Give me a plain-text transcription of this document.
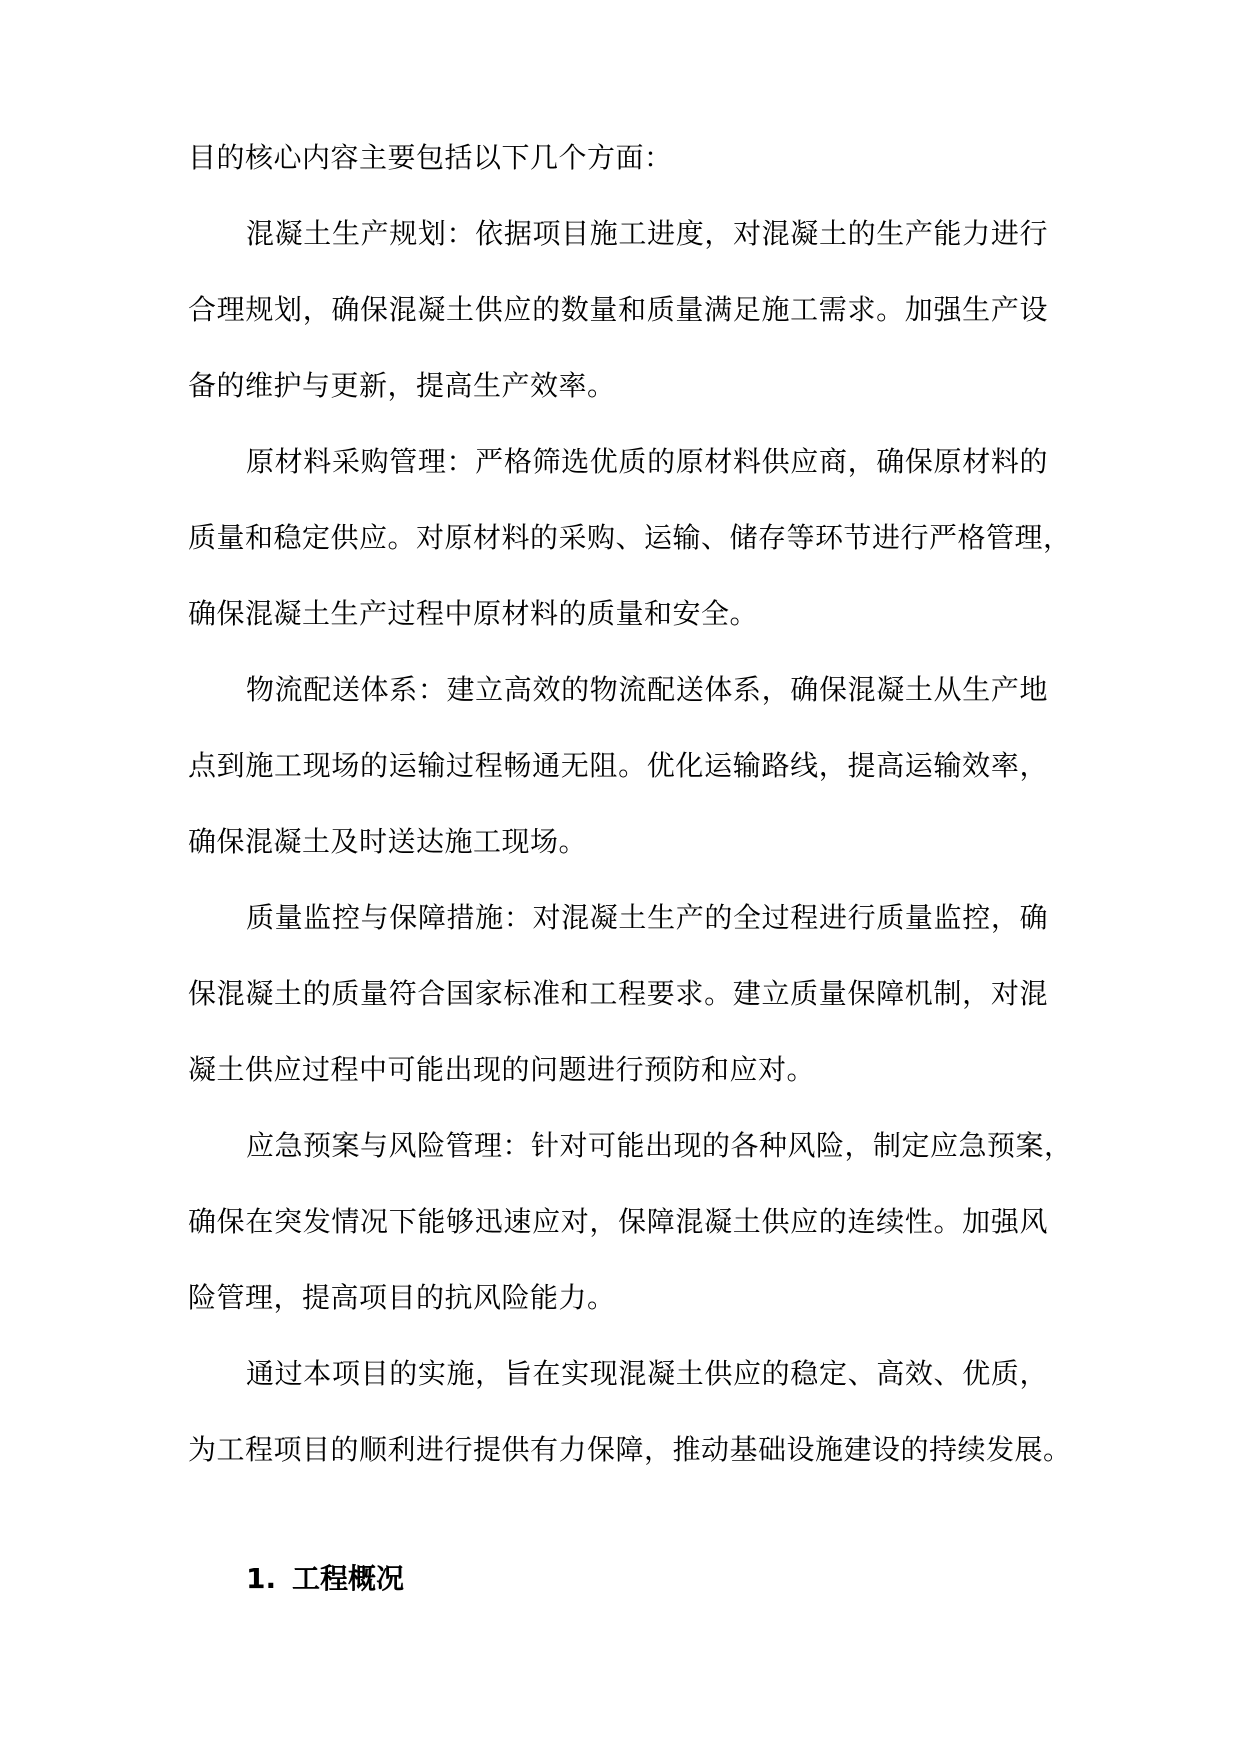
目的核心内容主要包括以下几个方面：
混凝土生产规划：依据项目施工进度，对混凝土的生产能力进行
合理规划，确保混凝土供应的数量和质量满足施工需求。加强生产设
备的维护与更新，提高生产效率。
原材料采购管理：严格筛选优质的原材料供应商，确保原材料的
质量和稳定供应。对原材料的采购、运输、储存等环节进行严格管理，
确保混凝土生产过程中原材料的质量和安全。
物流配送体系：建立高效的物流配送体系，确保混凝土从生产地
点到施工现场的运输过程畅通无阻。优化运输路线，提高运输效率，
确保混凝土及时送达施工现场。
质量监控与保障措施：对混凝土生产的全过程进行质量监控，确
保混凝土的质量符合国家标准和工程要求。建立质量保障机制，对混
凝土供应过程中可能出现的问题进行预防和应对。
应急预案与风险管理：针对可能出现的各种风险，制定应急预案，
确保在突发情况下能够迅速应对，保障混凝土供应的连续性。加强风
险管理，提高项目的抗风险能力。
通过本项目的实施，旨在实现混凝土供应的稳定、高效、优质，
为工程项目的顺利进行提供有力保障，推动基础设施建设的持续发展。
1. 工程概况
